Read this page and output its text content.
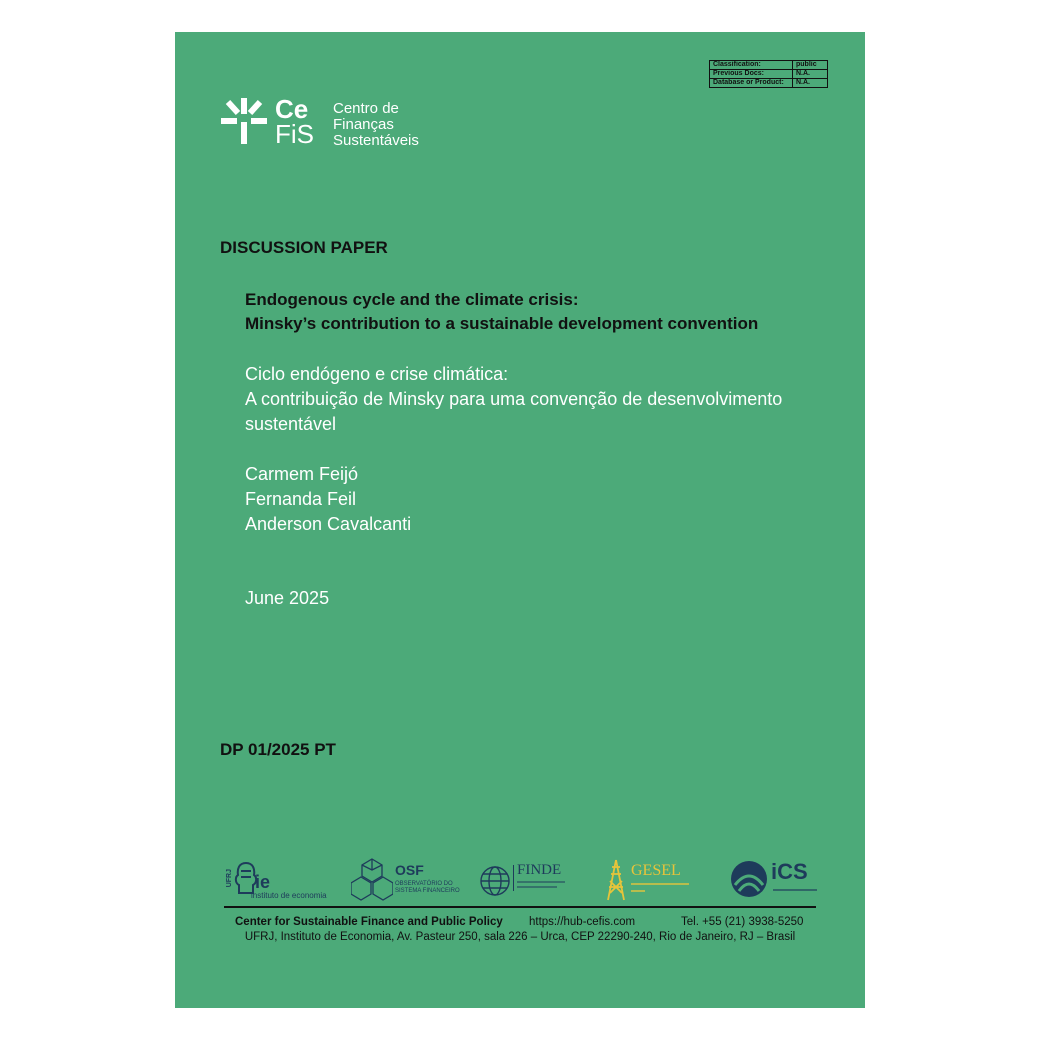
Classification:	public
Previous Docs:	N.A.
Database or Product:	N.A.
Ce
FiS
Centro de
Finanças
Sustentáveis
DISCUSSION PAPER
Endogenous cycle and the climate crisis:
Minsky’s contribution to a sustainable development convention
Ciclo endógeno e crise climática:
A contribuição de Minsky para uma convenção de desenvolvimento
sustentável
Carmem Feijó
Fernanda Feil
Anderson Cavalcanti
June 2025
DP 01/2025 PT
UFRJ ie
instituto de economia
OSF
OBSERVATÓRIO DO
SISTEMA FINANCEIRO
FINDE	GESEL	iCS
Center for Sustainable Finance and Public Policy https://hub-cefis.com	Tel. +55 (21) 3938-5250
UFRJ, Instituto de Economia, Av. Pasteur 250, sala 226 – Urca, CEP 22290-240, Rio de Janeiro, RJ – Brasil
